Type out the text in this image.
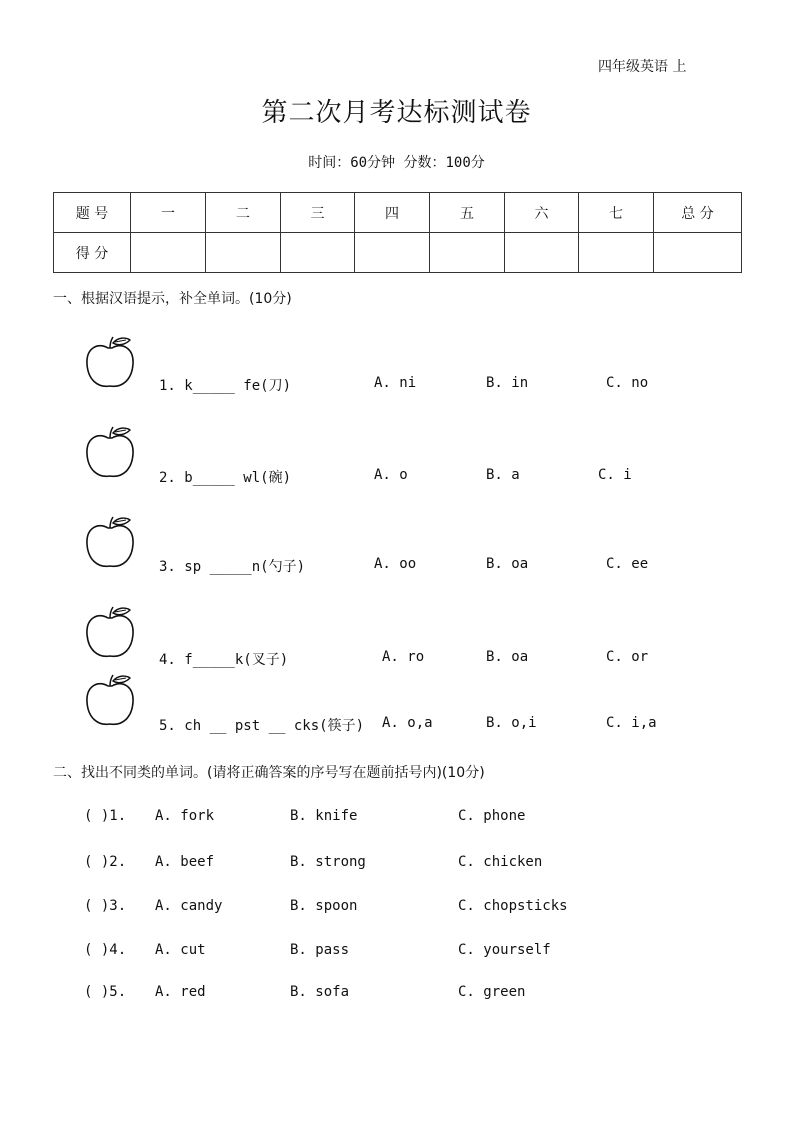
四年级英语 上
第二次月考达标测试卷
时间：60分钟 分数：100分
题 号	一	二	三	四	五	六	七	总 分
得 分								
一、根据汉语提示，补全单词。(10分)
1. k_____ fe(刀)	A. ni	B. in	C. no
2. b_____ wl(碗)	A. o	B. a	C. i
3. sp _____n(勺子)	A. oo	B. oa	C. ee
4. f_____k(叉子)	A. ro	B. oa	C. or
5. ch __ pst __ cks(筷子) A. o,a	B. o,i	C. i,a
二、找出不同类的单词。(请将正确答案的序号写在题前括号内)(10分)
( )1. A. fork	B. knife	C. phone
( )2. A. beef	B. strong	C. chicken
( )3. A. candy	B. spoon	C. chopsticks
( )4. A. cut	B. pass	C. yourself
( )5. A. red	B. sofa	C. green
